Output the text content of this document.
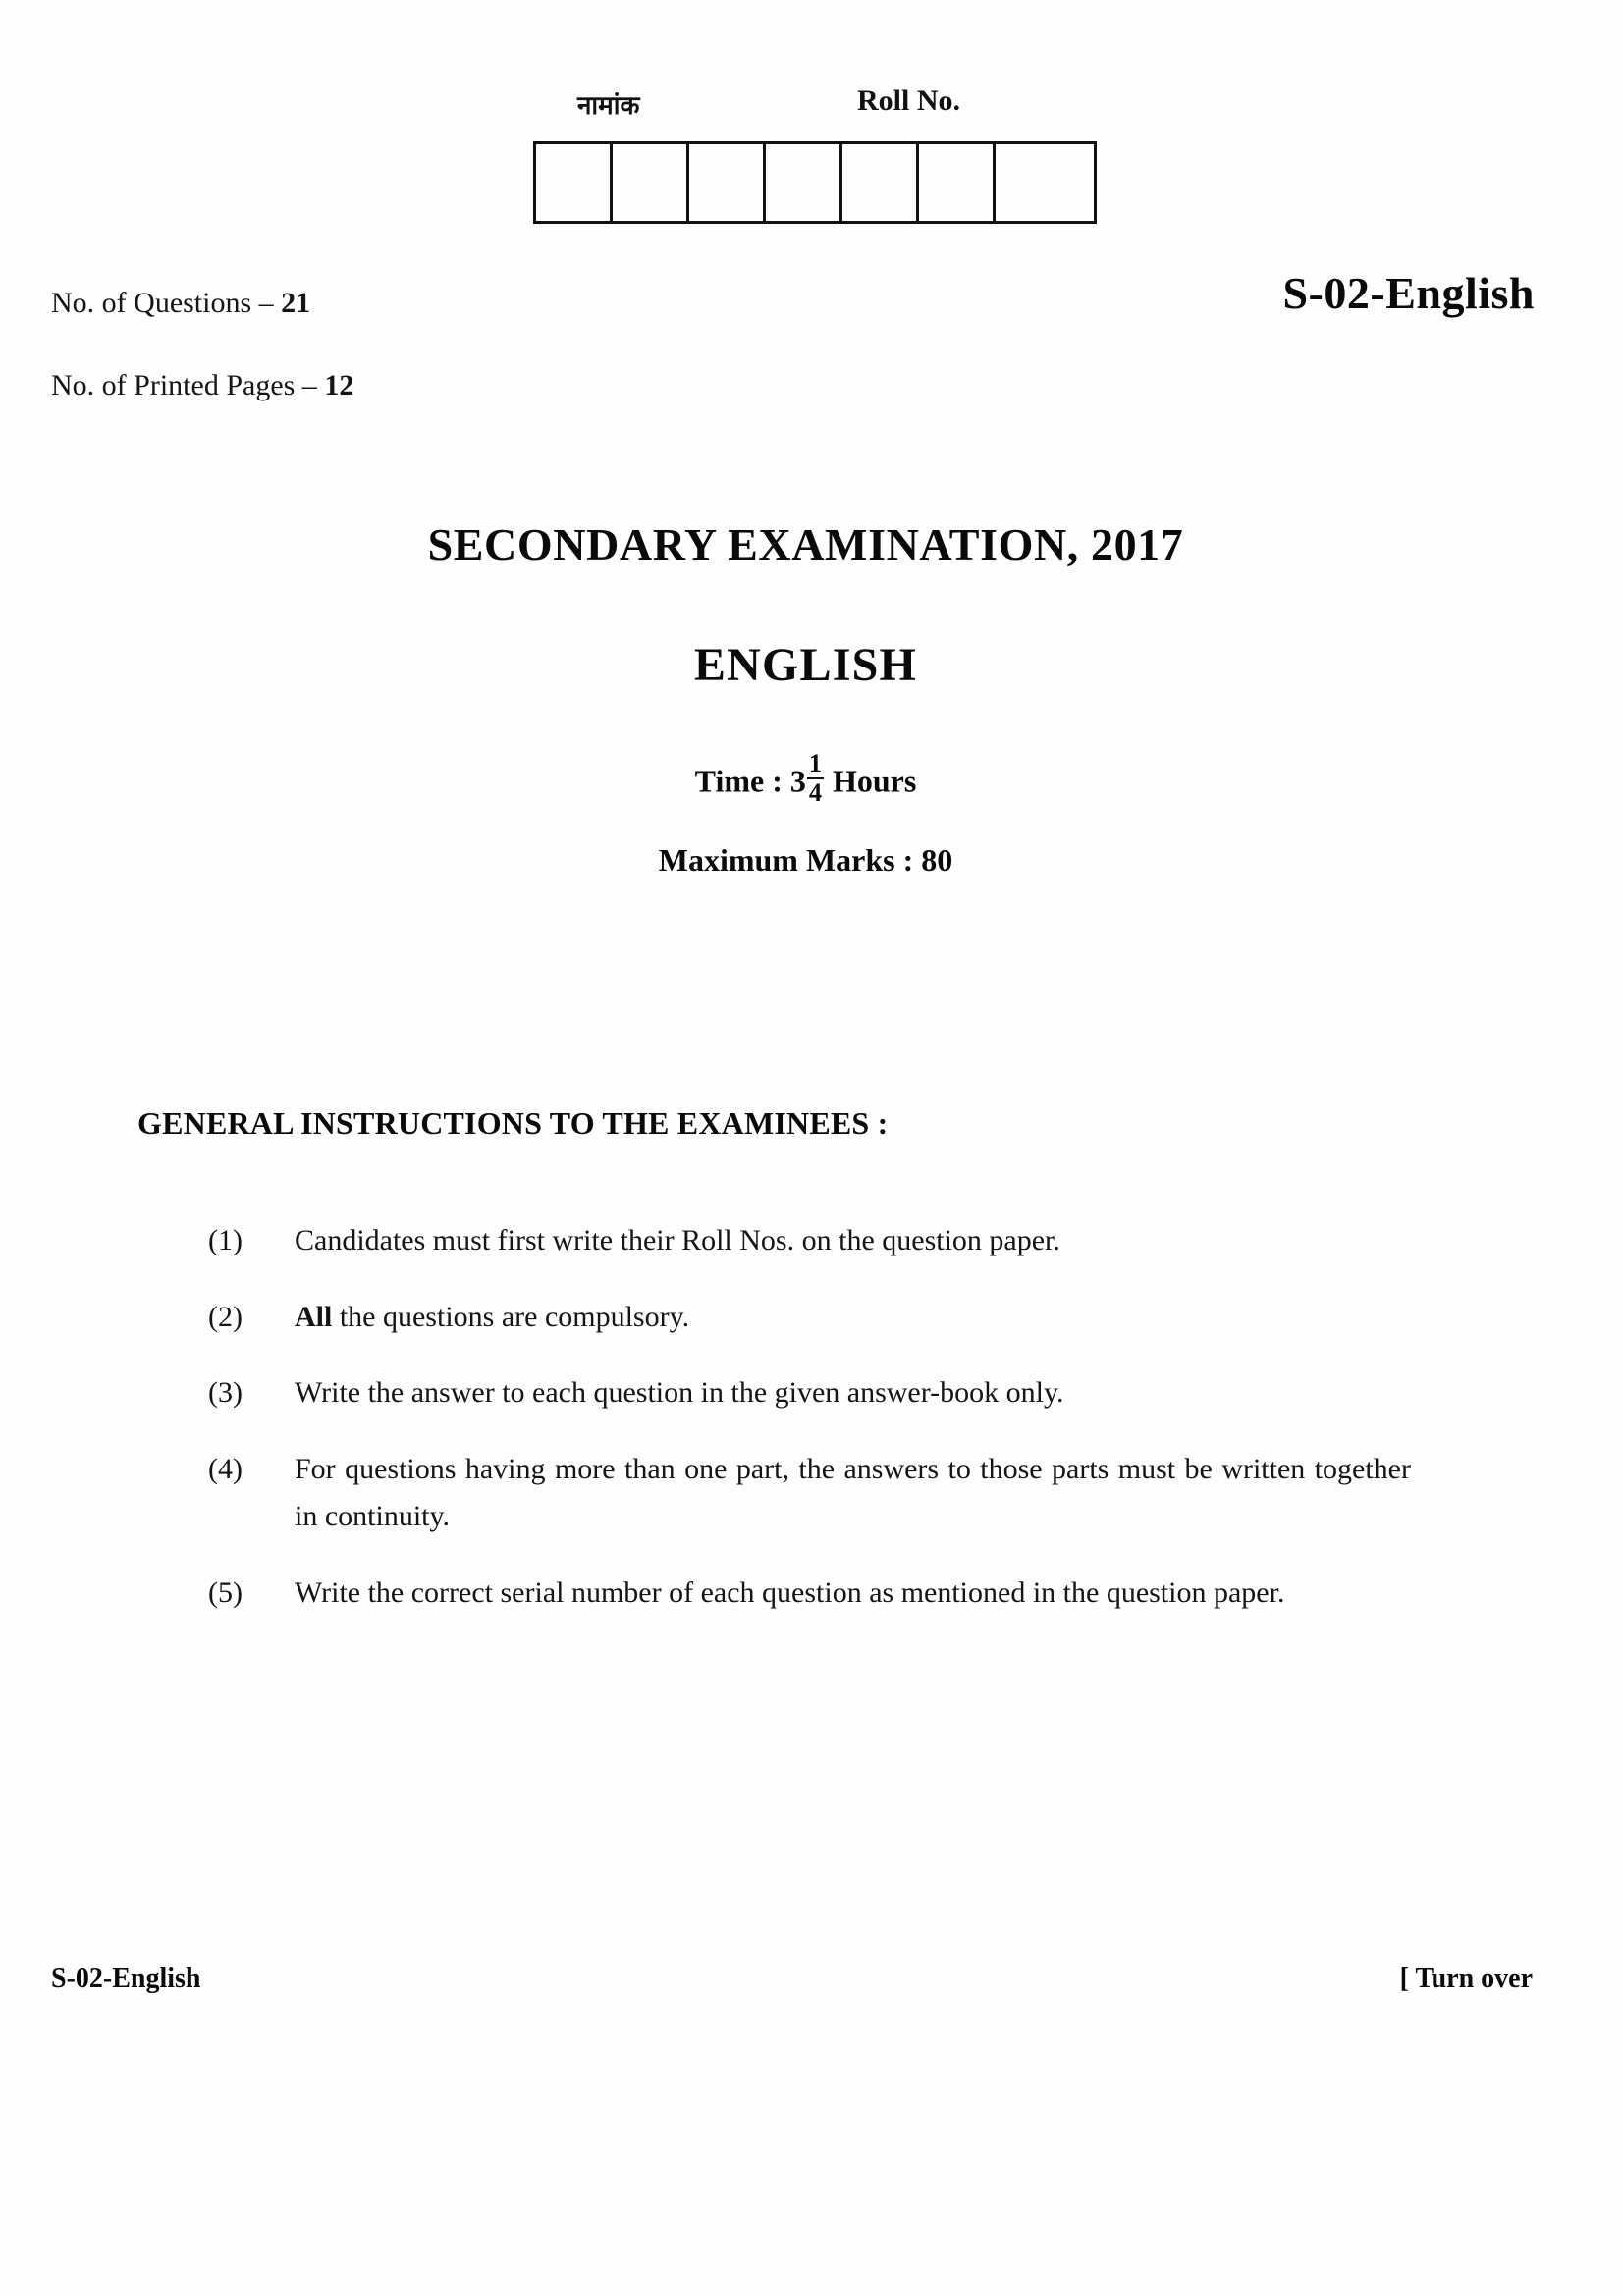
नामांक	Roll No.
No. of Questions – 21
No. of Printed Pages – 12
S-02-English
SECONDARY EXAMINATION, 2017
ENGLISH
Time : $3 \frac{1}{4}$ Hours
Maximum Marks : 80
GENERAL INSTRUCTIONS TO THE EXAMINEES :
(1)	Candidates must first write their Roll Nos. on the question paper.
(2)	All the questions are compulsory.
(3)	Write the answer to each question in the given answer-book only.
(4)	For questions having more than one part, the answers to those parts must be written together in continuity.
(5)	Write the correct serial number of each question as mentioned in the question paper.
S-02-English	[ Turn over
